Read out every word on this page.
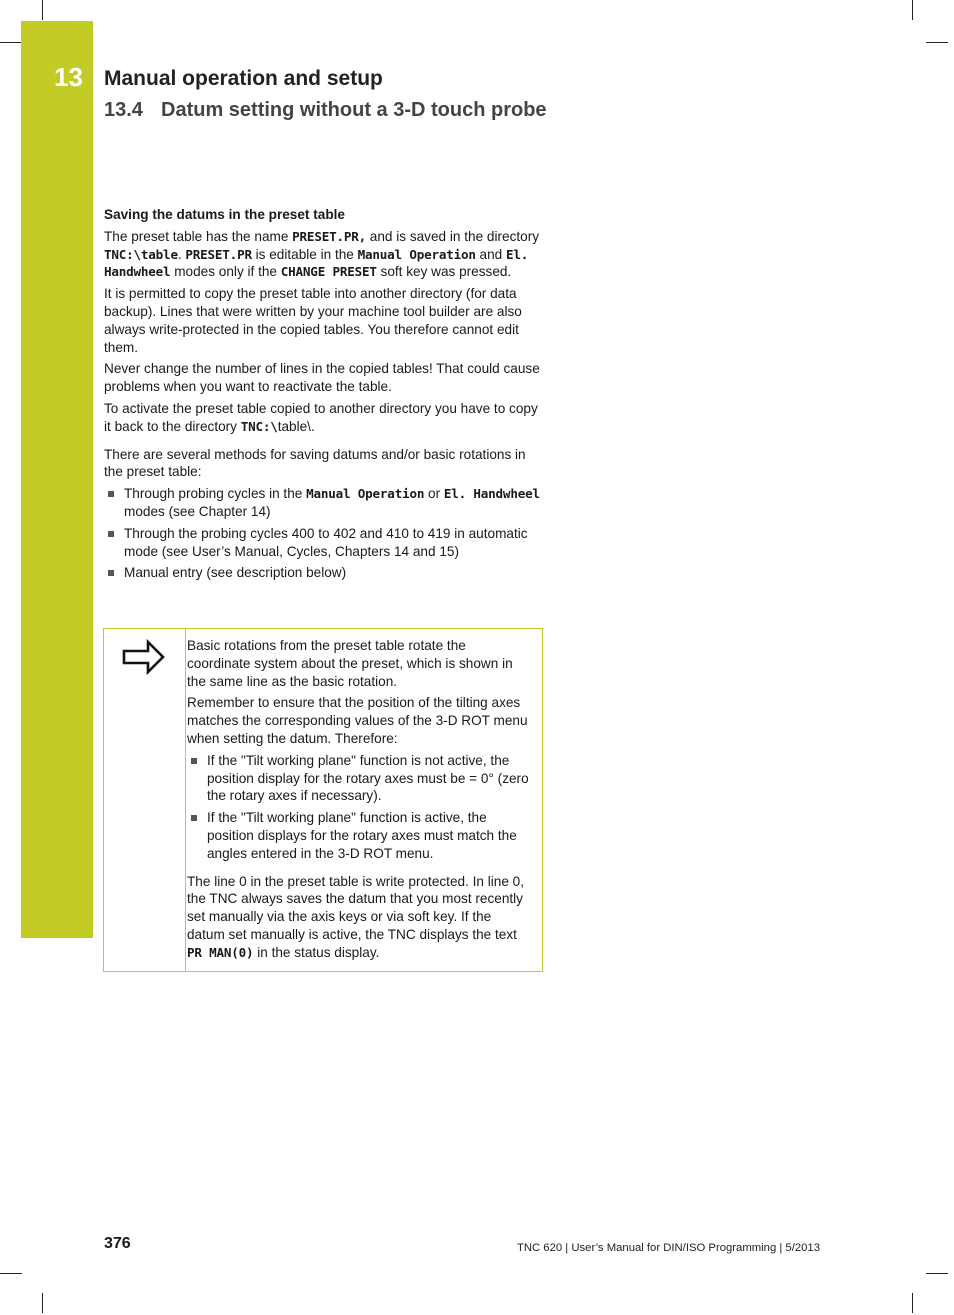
13 Manual operation and setup
13.4 Datum setting without a 3-D touch probe

Saving the datums in the preset table

The preset table has the name PRESET.PR, and is saved in the directory TNC:\table. PRESET.PR is editable in the Manual Operation and El. Handwheel modes only if the CHANGE PRESET soft key was pressed.

It is permitted to copy the preset table into another directory (for data backup). Lines that were written by your machine tool builder are also always write-protected in the copied tables. You therefore cannot edit them.

Never change the number of lines in the copied tables! That could cause problems when you want to reactivate the table.

To activate the preset table copied to another directory you have to copy it back to the directory TNC:\table\.

There are several methods for saving datums and/or basic rotations in the preset table:

Through probing cycles in the Manual Operation or El. Handwheel modes (see Chapter 14)
Through the probing cycles 400 to 402 and 410 to 419 in automatic mode (see User’s Manual, Cycles, Chapters 14 and 15)
Manual entry (see description below)

Basic rotations from the preset table rotate the coordinate system about the preset, which is shown in the same line as the basic rotation.

Remember to ensure that the position of the tilting axes matches the corresponding values of the 3-D ROT menu when setting the datum. Therefore:

If the "Tilt working plane" function is not active, the position display for the rotary axes must be = 0° (zero the rotary axes if necessary).
If the "Tilt working plane" function is active, the position displays for the rotary axes must match the angles entered in the 3-D ROT menu.

The line 0 in the preset table is write protected. In line 0, the TNC always saves the datum that you most recently set manually via the axis keys or via soft key. If the datum set manually is active, the TNC displays the text PR MAN(0) in the status display.

376	TNC 620 | User’s Manual for DIN/ISO Programming | 5/2013
